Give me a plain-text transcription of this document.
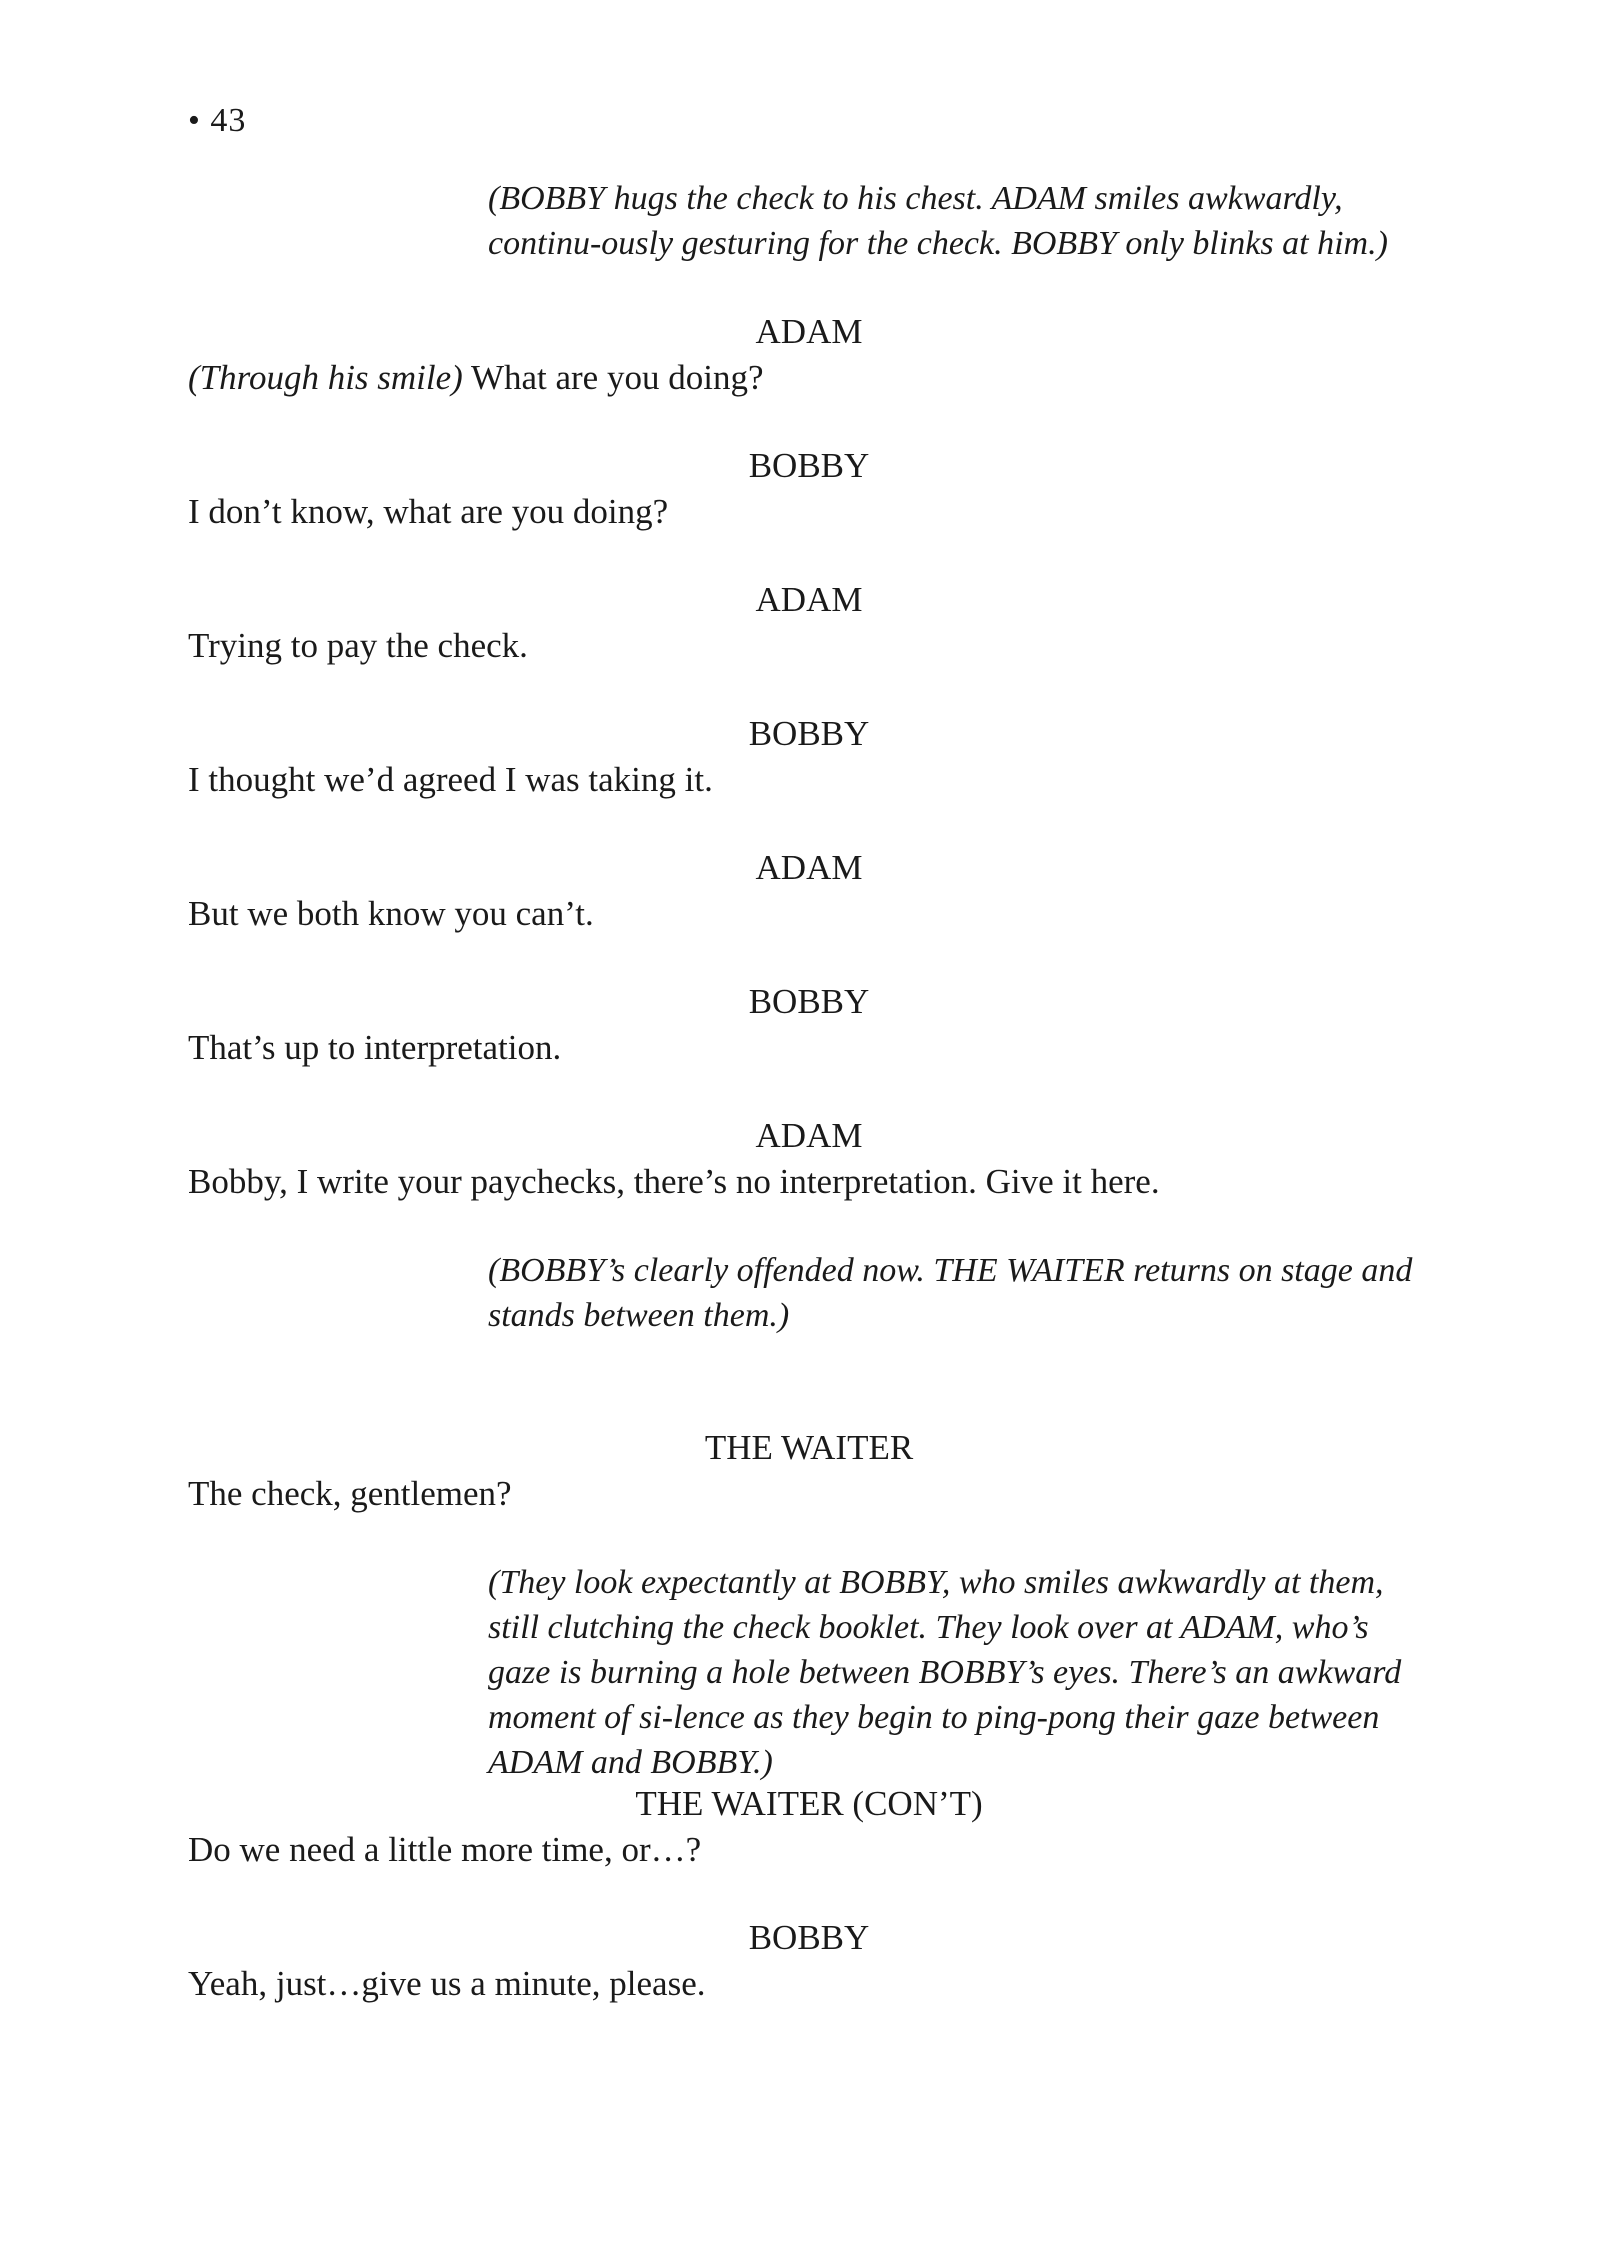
• 43

(BOBBY hugs the check to his chest. ADAM smiles awkwardly, continu-ously gesturing for the check. BOBBY only blinks at him.)

ADAM

(Through his smile) What are you doing?

BOBBY

I don’t know, what are you doing?

ADAM

Trying to pay the check.

BOBBY

I thought we’d agreed I was taking it.

ADAM

But we both know you can’t.

BOBBY

That’s up to interpretation.

ADAM

Bobby, I write your paychecks, there’s no interpretation. Give it here.

(BOBBY’s clearly offended now. THE WAITER returns on stage and stands between them.)

THE WAITER

The check, gentlemen?

(They look expectantly at BOBBY, who smiles awkwardly at them, still clutching the check booklet. They look over at ADAM, who’s gaze is burning a hole between BOBBY’s eyes. There’s an awkward moment of si-lence as they begin to ping-pong their gaze between ADAM and BOBBY.)

THE WAITER (CON’T)

Do we need a little more time, or…?

BOBBY

Yeah, just…give us a minute, please.
